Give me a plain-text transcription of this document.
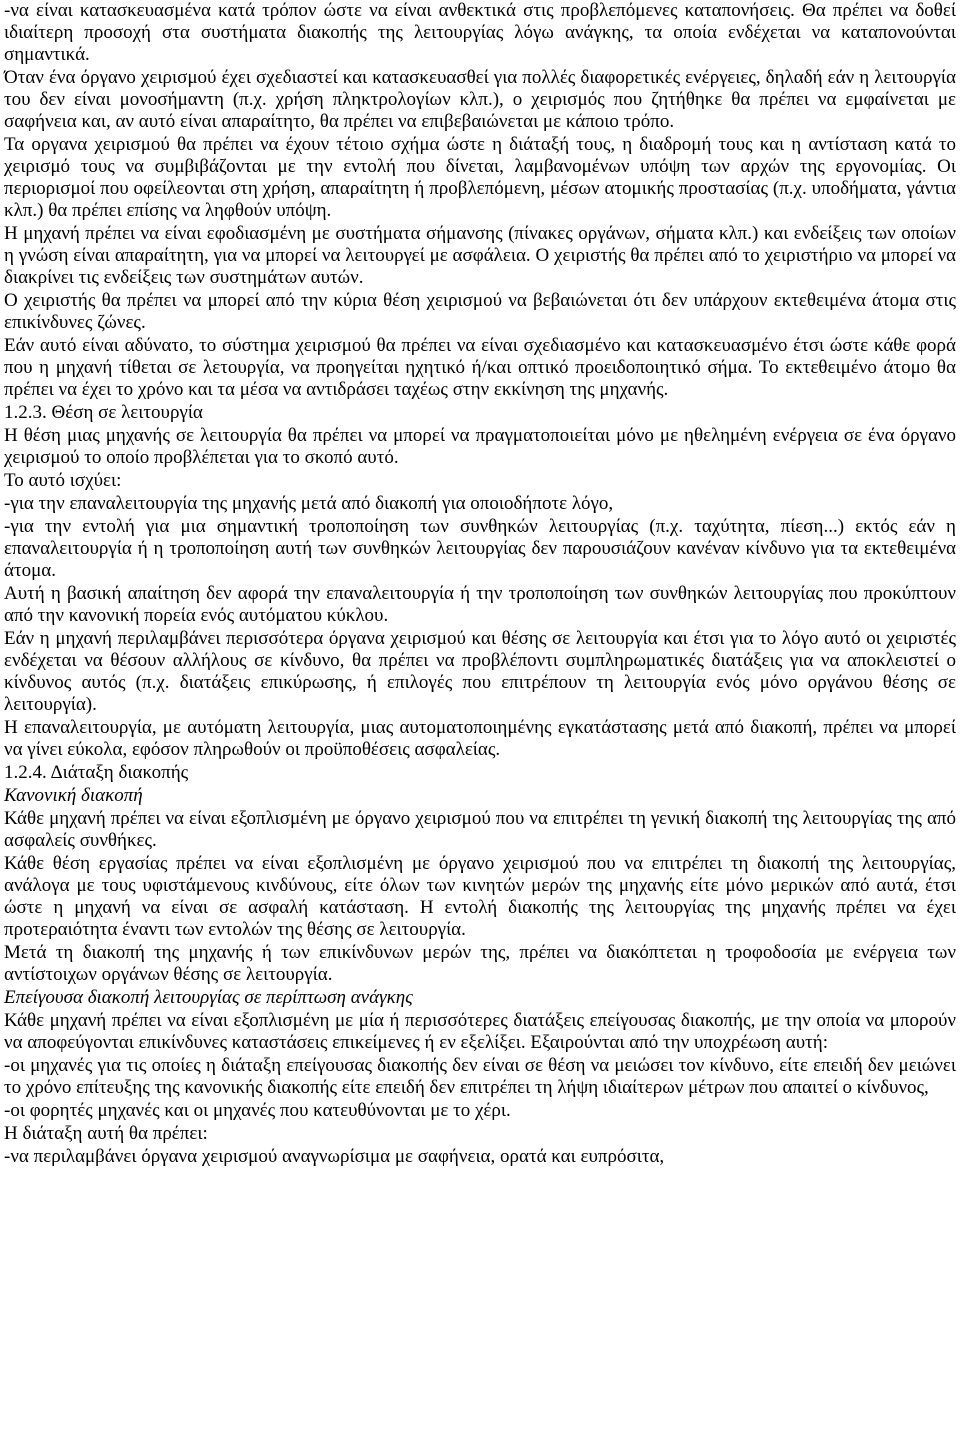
-να είναι κατασκευασμένα κατά τρόπον ώστε να είναι ανθεκτικά στις προβλεπόμενες καταπονήσεις. Θα πρέπει να δοθεί ιδιαίτερη προσοχή στα συστήματα διακοπής της λειτουργίας λόγω ανάγκης, τα οποία ενδέχεται να καταπονούνται σημαντικά.

Όταν ένα όργανο χειρισμού έχει σχεδιαστεί και κατασκευασθεί για πολλές διαφορετικές ενέργειες, δηλαδή εάν η λειτουργία του δεν είναι μονοσήμαντη (π.χ. χρήση πληκτρολογίων κλπ.), ο χειρισμός που ζητήθηκε θα πρέπει να εμφαίνεται με σαφήνεια και, αν αυτό είναι απαραίτητο, θα πρέπει να επιβεβαιώνεται με κάποιο τρόπο.

Τα οργανα χειρισμού θα πρέπει να έχουν τέτοιο σχήμα ώστε η διάταξή τους, η διαδρομή τους και η αντίσταση κατά το χειρισμό τους να συμβιβάζονται με την εντολή που δίνεται, λαμβανομένων υπόψη των αρχών της εργονομίας. Οι περιορισμοί που οφείλεονται στη χρήση, απαραίτητη ή προβλεπόμενη, μέσων ατομικής προστασίας (π.χ. υποδήματα, γάντια κλπ.) θα πρέπει επίσης να ληφθούν υπόψη.

Η μηχανή πρέπει να είναι εφοδιασμένη με συστήματα σήμανσης (πίνακες οργάνων, σήματα κλπ.) και ενδείξεις των οποίων η γνώση είναι απαραίτητη, για να μπορεί να λειτουργεί με ασφάλεια. Ο χειριστής θα πρέπει από το χειριστήριο να μπορεί να διακρίνει τις ενδείξεις των συστημάτων αυτών.

Ο χειριστής θα πρέπει να μπορεί από την κύρια θέση χειρισμού να βεβαιώνεται ότι δεν υπάρχουν εκτεθειμένα άτομα στις επικίνδυνες ζώνες.

Εάν αυτό είναι αδύνατο, το σύστημα χειρισμού θα πρέπει να είναι σχεδιασμένο και κατασκευασμένο έτσι ώστε κάθε φορά που η μηχανή τίθεται σε λετουργία, να προηγείται ηχητικό ή/και οπτικό προειδοποιητικό σήμα. Το εκτεθειμένο άτομο θα πρέπει να έχει το χρόνο και τα μέσα να αντιδράσει ταχέως στην εκκίνηση της μηχανής.

1.2.3. Θέση σε λειτουργία

Η θέση μιας μηχανής σε λειτουργία θα πρέπει να μπορεί να πραγματοποιείται μόνο με ηθελημένη ενέργεια σε ένα όργανο χειρισμού το οποίο προβλέπεται για το σκοπό αυτό.

Το αυτό ισχύει:

-για την επαναλειτουργία της μηχανής μετά από διακοπή για οποιοδήποτε λόγο,

-για την εντολή για μια σημαντική τροποποίηση των συνθηκών λειτουργίας (π.χ. ταχύτητα, πίεση...) εκτός εάν η επαναλειτουργία ή η τροποποίηση αυτή των συνθηκών λειτουργίας δεν παρουσιάζουν κανέναν κίνδυνο για τα εκτεθειμένα άτομα.

Αυτή η βασική απαίτηση δεν αφορά την επαναλειτουργία ή την τροποποίηση των συνθηκών λειτουργίας που προκύπτουν από την κανονική πορεία ενός αυτόματου κύκλου.

Εάν η μηχανή περιλαμβάνει περισσότερα όργανα χειρισμού και θέσης σε λειτουργία και έτσι για το λόγο αυτό οι χειριστές ενδέχεται να θέσουν αλλήλους σε κίνδυνο, θα πρέπει να προβλέποντι συμπληρωματικές διατάξεις για να αποκλειστεί ο κίνδυνος αυτός (π.χ. διατάξεις επικύρωσης, ή επιλογές που επιτρέπουν τη λειτουργία ενός μόνο οργάνου θέσης σε λειτουργία).

Η επαναλειτουργία, με αυτόματη λειτουργία, μιας αυτοματοποιημένης εγκατάστασης μετά από διακοπή, πρέπει να μπορεί να γίνει εύκολα, εφόσον πληρωθούν οι προϋποθέσεις ασφαλείας.

1.2.4. Διάταξη διακοπής

Κανονική διακοπή

Κάθε μηχανή πρέπει να είναι εξοπλισμένη με όργανο χειρισμού που να επιτρέπει τη γενική διακοπή της λειτουργίας της από ασφαλείς συνθήκες.

Κάθε θέση εργασίας πρέπει να είναι εξοπλισμένη με όργανο χειρισμού που να επιτρέπει τη διακοπή της λειτουργίας, ανάλογα με τους υφιστάμενους κινδύνους, είτε όλων των κινητών μερών της μηχανής είτε μόνο μερικών από αυτά, έτσι ώστε η μηχανή να είναι σε ασφαλή κατάσταση. Η εντολή διακοπής της λειτουργίας της μηχανής πρέπει να έχει προτεραιότητα έναντι των εντολών της θέσης σε λειτουργία.

Μετά τη διακοπή της μηχανής ή των επικίνδυνων μερών της, πρέπει να διακόπτεται η τροφοδοσία με ενέργεια των αντίστοιχων οργάνων θέσης σε λειτουργία.

Επείγουσα διακοπή λειτουργίας σε περίπτωση ανάγκης

Κάθε μηχανή πρέπει να είναι εξοπλισμένη με μία ή περισσότερες διατάξεις επείγουσας διακοπής, με την οποία να μπορούν να αποφεύγονται επικίνδυνες καταστάσεις επικείμενες ή εν εξελίξει. Εξαιρούνται από την υποχρέωση αυτή:

-οι μηχανές για τις οποίες η διάταξη επείγουσας διακοπής δεν είναι σε θέση να μειώσει τον κίνδυνο, είτε επειδή δεν μειώνει το χρόνο επίτευξης της κανονικής διακοπής είτε επειδή δεν επιτρέπει τη λήψη ιδιαίτερων μέτρων που απαιτεί ο κίνδυνος,

-οι φορητές μηχανές και οι μηχανές που κατευθύνονται με το χέρι.

Η διάταξη αυτή θα πρέπει:

-να περιλαμβάνει όργανα χειρισμού αναγνωρίσιμα με σαφήνεια, ορατά και ευπρόσιτα,
